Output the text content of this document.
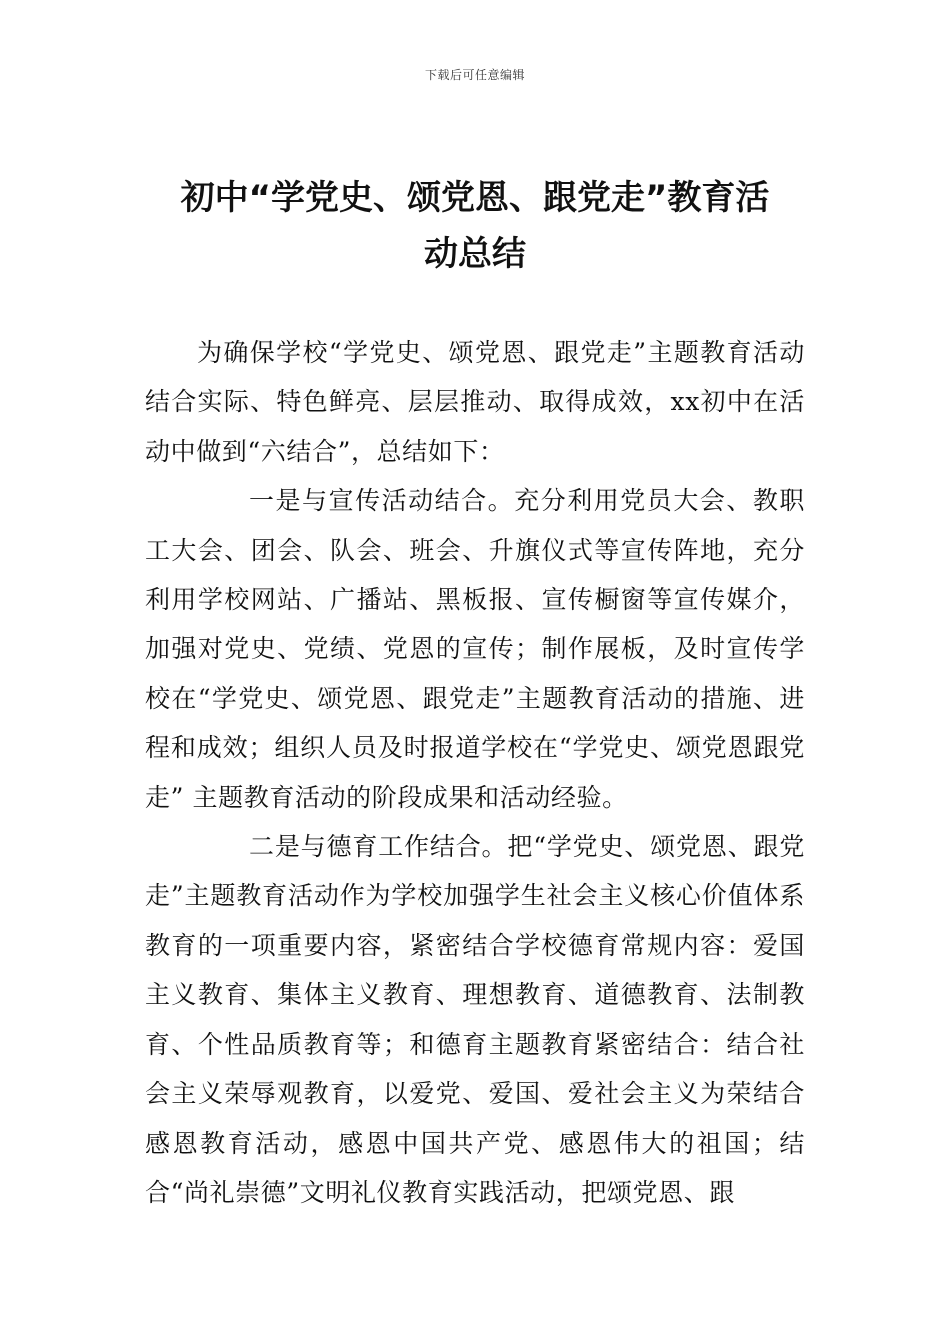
下载后可任意编辑
初中“学党史、颂党恩、跟党走”教育活
动总结

为确保学校“学党史、颂党恩、跟党走”主题教育活动结合实际、特色鲜亮、层层推动、取得成效，xx初中在活动中做到“六结合”，总结如下：

一是与宣传活动结合。充分利用党员大会、教职工大会、团会、队会、班会、升旗仪式等宣传阵地，充分利用学校网站、广播站、黑板报、宣传橱窗等宣传媒介，加强对党史、党绩、党恩的宣传；制作展板，及时宣传学校在“学党史、颂党恩、跟党走”主题教育活动的措施、进程和成效；组织人员及时报道学校在“学党史、颂党恩跟党走” 主题教育活动的阶段成果和活动经验。

二是与德育工作结合。把“学党史、颂党恩、跟党走”主题教育活动作为学校加强学生社会主义核心价值体系教育的一项重要内容，紧密结合学校德育常规内容：爱国主义教育、集体主义教育、理想教育、道德教育、法制教育、个性品质教育等；和德育主题教育紧密结合：结合社会主义荣辱观教育，以爱党、爱国、爱社会主义为荣结合感恩教育活动，感恩中国共产党、感恩伟大的祖国；结合“尚礼崇德”文明礼仪教育实践活动，把颂党恩、跟
